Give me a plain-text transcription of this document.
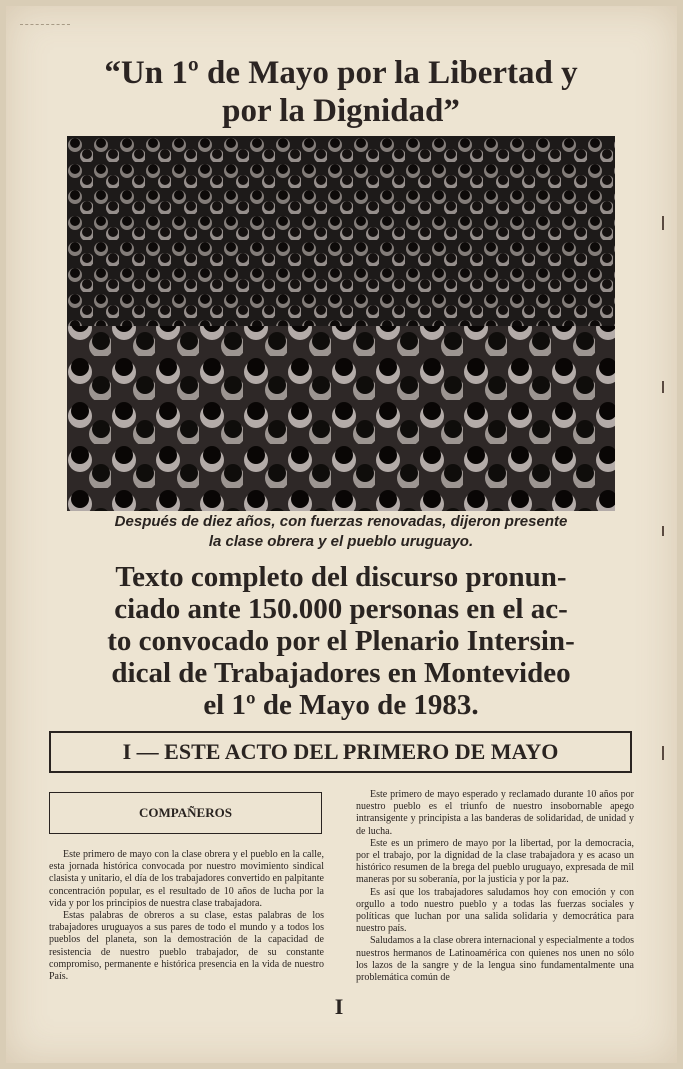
“Un 1º de Mayo por la Libertad y
por la Dignidad”
Después de diez años, con fuerzas renovadas, dijeron presente
la clase obrera y el pueblo uruguayo.
Texto completo del discurso pronun-
ciado ante 150.000 personas en el ac-
to convocado por el Plenario Intersin-
dical de Trabajadores en Montevideo
el 1º de Mayo de 1983.
I — ESTE ACTO DEL PRIMERO DE MAYO
COMPAÑEROS

Este primero de mayo con la clase obrera y el pueblo en la calle, esta jornada histórica convocada por nuestro movimiento sindical clasista y unitario, el día de los trabajadores convertido en palpitante concentración popular, es el resultado de 10 años de lucha por la vida y por los principios de nuestra clase trabajadora.

Estas palabras de obreros a su clase, estas palabras de los trabajadores uruguayos a sus pares de todo el mundo y a todos los pueblos del planeta, son la demostración de la capacidad de resistencia de nuestro pueblo trabajador, de su constante compromiso, permanente e histórica presencia en la vida de nuestro País.

Este primero de mayo esperado y reclamado durante 10 años por nuestro pueblo es el triunfo de nuestro insobornable apego intransigente y principista a las banderas de solidaridad, de unidad y de lucha.

Este es un primero de mayo por la libertad, por la democracia, por el trabajo, por la dignidad de la clase trabajadora y es acaso un histórico resumen de la brega del pueblo uruguayo, expresada de mil maneras por su soberanía, por la justicia y por la paz.

Es así que los trabajadores saludamos hoy con emoción y con orgullo a todo nuestro pueblo y a todas las fuerzas sociales y políticas que luchan por una salida solidaria y democrática para nuestro país.

Saludamos a la clase obrera internacional y especialmente a todos nuestros hermanos de Latinoamérica con quienes nos unen no sólo los lazos de la sangre y de la lengua sino fundamentalmente una problemática común de

I
